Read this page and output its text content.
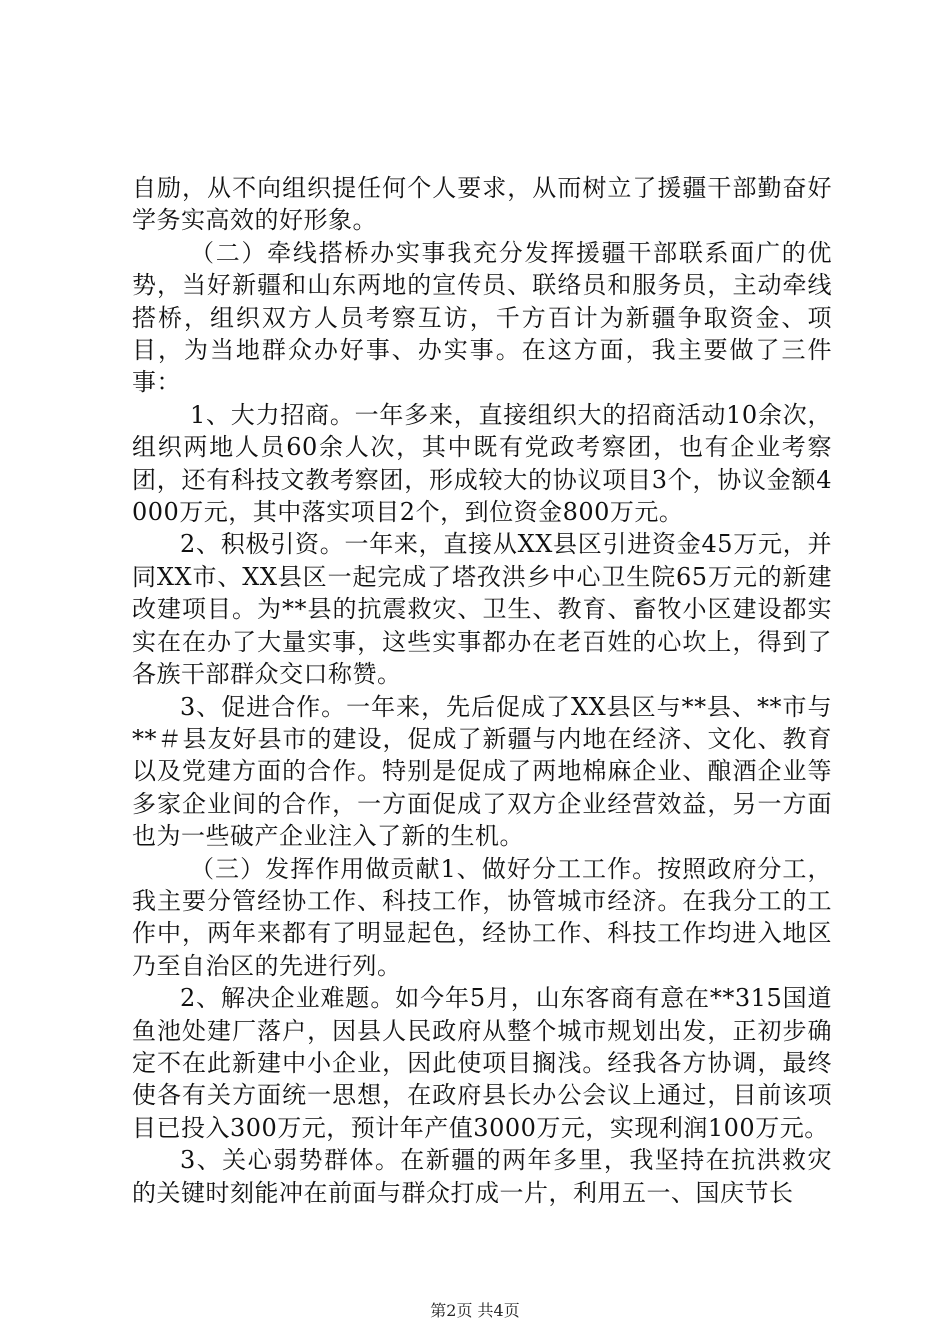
自励，从不向组织提任何个人要求，从而树立了援疆干部勤奋好学务实高效的好形象。

（二）牵线搭桥办实事我充分发挥援疆干部联系面广的优势，当好新疆和山东两地的宣传员、联络员和服务员，主动牵线搭桥，组织双方人员考察互访，千方百计为新疆争取资金、项目，为当地群众办好事、办实事。在这方面，我主要做了三件事：

1、大力招商。一年多来，直接组织大的招商活动10余次，组织两地人员60余人次，其中既有党政考察团，也有企业考察团，还有科技文教考察团，形成较大的协议项目3个，协议金额4000万元，其中落实项目2个，到位资金800万元。

2、积极引资。一年来，直接从XX县区引进资金45万元，并同XX市、XX县区一起完成了塔孜洪乡中心卫生院65万元的新建改建项目。为**县的抗震救灾、卫生、教育、畜牧小区建设都实实在在办了大量实事，这些实事都办在老百姓的心坎上，得到了各族干部群众交口称赞。

3、促进合作。一年来，先后促成了XX县区与**县、**市与**＃县友好县市的建设，促成了新疆与内地在经济、文化、教育以及党建方面的合作。特别是促成了两地棉麻企业、酿酒企业等多家企业间的合作，一方面促成了双方企业经营效益，另一方面也为一些破产企业注入了新的生机。

（三）发挥作用做贡献1、做好分工工作。按照政府分工，我主要分管经协工作、科技工作，协管城市经济。在我分工的工作中，两年来都有了明显起色，经协工作、科技工作均进入地区乃至自治区的先进行列。

2、解决企业难题。如今年5月，山东客商有意在**315国道鱼池处建厂落户，因县人民政府从整个城市规划出发，正初步确定不在此新建中小企业，因此使项目搁浅。经我各方协调，最终使各有关方面统一思想，在政府县长办公会议上通过，目前该项目已投入300万元，预计年产值3000万元，实现利润100万元。

3、关心弱势群体。在新疆的两年多里，我坚持在抗洪救灾的关键时刻能冲在前面与群众打成一片，利用五一、国庆节长

第2页 共4页
